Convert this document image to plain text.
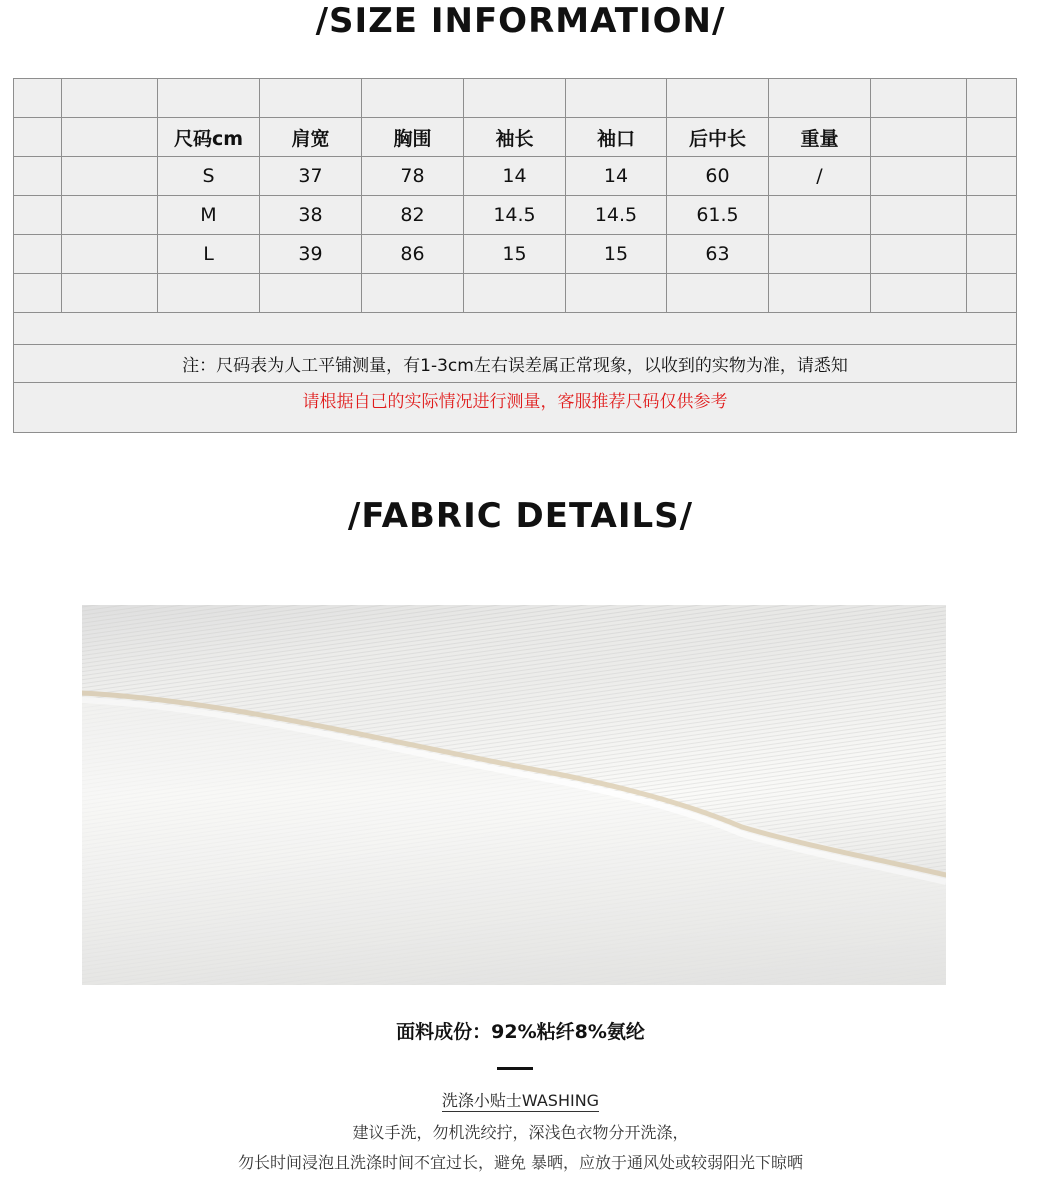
/SIZE INFORMATION/

		尺码cm	肩宽	胸围	袖长	袖口	后中长	重量		
		S	37	78	14	14	60	/		
		M	38	82	14.5	14.5	61.5			
		L	39	86	15	15	63			

注：尺码表为人工平铺测量，有1-3cm左右误差属正常现象，以收到的实物为准，请悉知										
请根据自己的实际情况进行测量，客服推荐尺码仅供参考										
/FABRIC DETAILS/
面料成份：92%粘纤8%氨纶
洗涤小贴士WASHING
建议手洗，勿机洗绞拧，深浅色衣物分开洗涤，
勿长时间浸泡且洗涤时间不宜过长，避免 暴晒，应放于通风处或较弱阳光下晾晒
